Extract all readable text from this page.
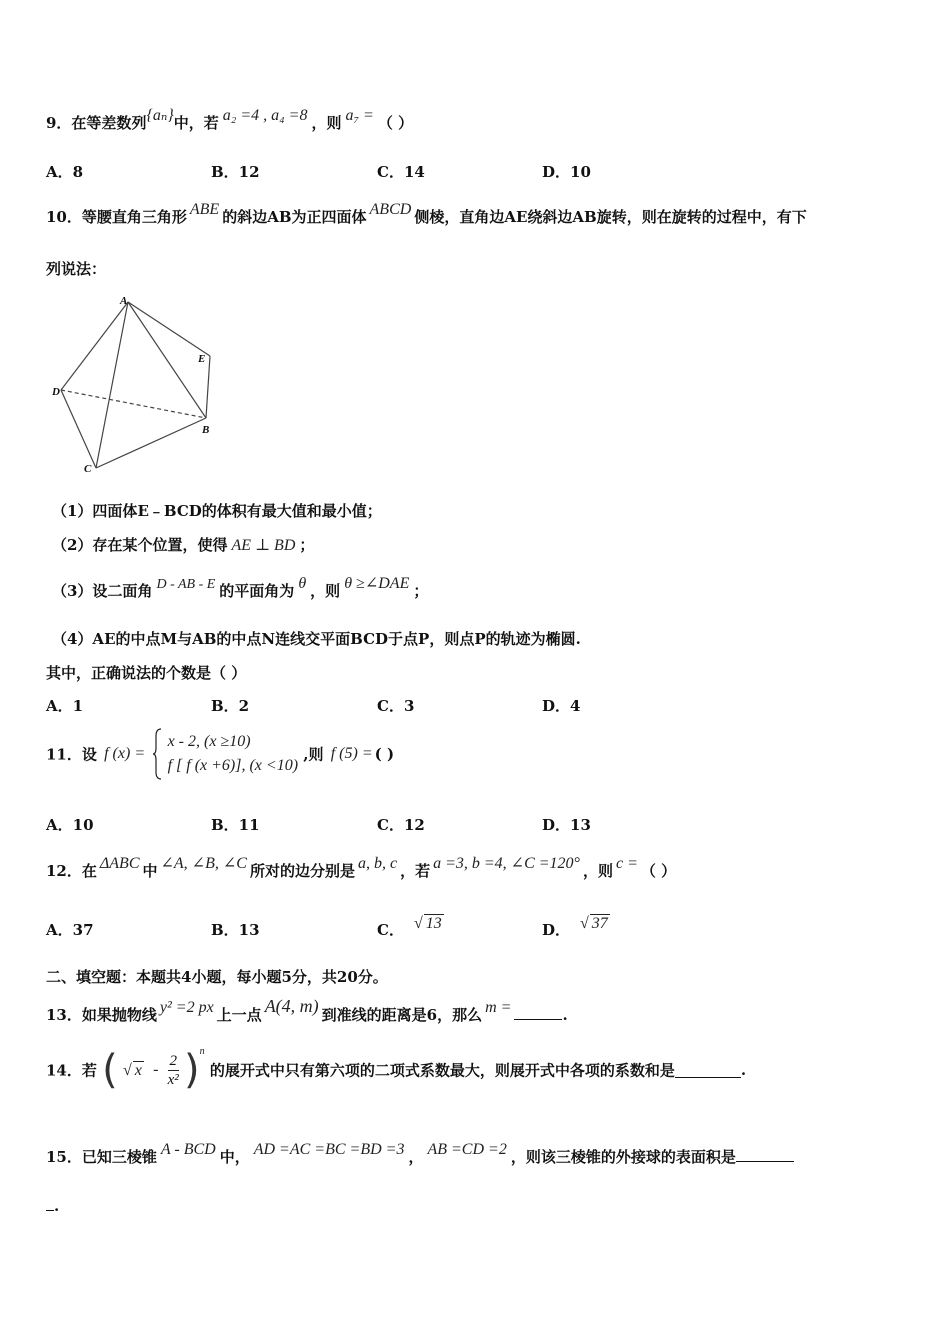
9．在等差数列{aₙ}中，若 a₂ =4 , a₄ =8 ，则 a₇ = （ ）
A．8	B．12	C．14	D．10
10．等腰直角三角形 ABE 的斜边AB为正四面体 ABCD 侧棱，直角边AE绕斜边AB旋转，则在旋转的过程中，有下
列说法：
A
E
D
B
C
（1）四面体E﹣BCD的体积有最大值和最小值；
（2）存在某个位置，使得 AE ⊥ BD ；
（3）设二面角 D - AB - E 的平面角为 θ ，则 θ ≥∠DAE ；
（4）AE的中点M与AB的中点N连线交平面BCD于点P，则点P的轨迹为椭圆.
其中，正确说法的个数是（ ）
A．1	B．2	C．3	D．4
11．设 f (x) =
x - 2, (x ≥10)
f [ f (x +6)], (x <10)
,则 f (5) = ( )
A．10	B．11	C．12	D．13
12．在 ΔABC 中 ∠A, ∠B, ∠C 所对的边分别是 a, b, c ，若 a =3, b =4, ∠C =120° ，则 c = （ ）
A．37	B．13	C． √ 13	D． √ 37
二、填空题：本题共4小题，每小题5分，共20分。
13．如果抛物线 y² =2 px 上一点 A(4, m) 到准线的距离是6，那么 m =	.
14．若 ( √ x - $\frac{2}{\text{x²}} )^n$ 的展开式中只有第六项的二项式系数最大，则展开式中各项的系数和是	.
15．已知三棱锥 A - BCD 中， AD =AC =BC =BD =3 ， AB =CD =2 ，则该三棱锥的外接球的表面积是
.
